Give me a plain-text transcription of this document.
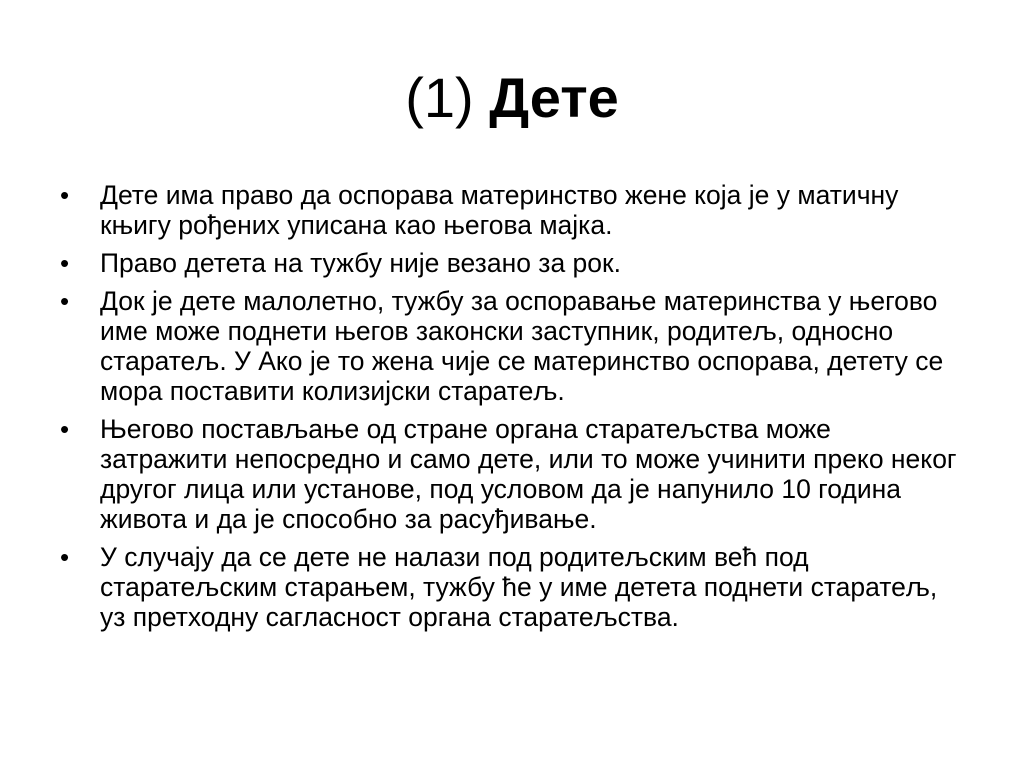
(1) Дете
• Дете има право да оспорава материнство жене која је у матичну књигу рођених уписана као његова мајка.
• Право детета на тужбу није везано за рок.
• Док је дете малолетно, тужбу за оспоравање материнства у његово име може поднети његов законски заступник, родитељ, односно старатељ. У Ако је то жена чије се материнство оспорава, детету се мора поставити колизијски старатељ.
• Његово постављање од стране органа старатељства може затражити непосредно и само дете, или то може учинити преко неког другог лица или установе, под условом да је напунило 10 година живота и да је способно за расуђивање.
• У случају да се дете не налази под родитељским већ под старатељским старањем, тужбу ће у име детета поднети старатељ, уз претходну сагласност органа старатељства.
